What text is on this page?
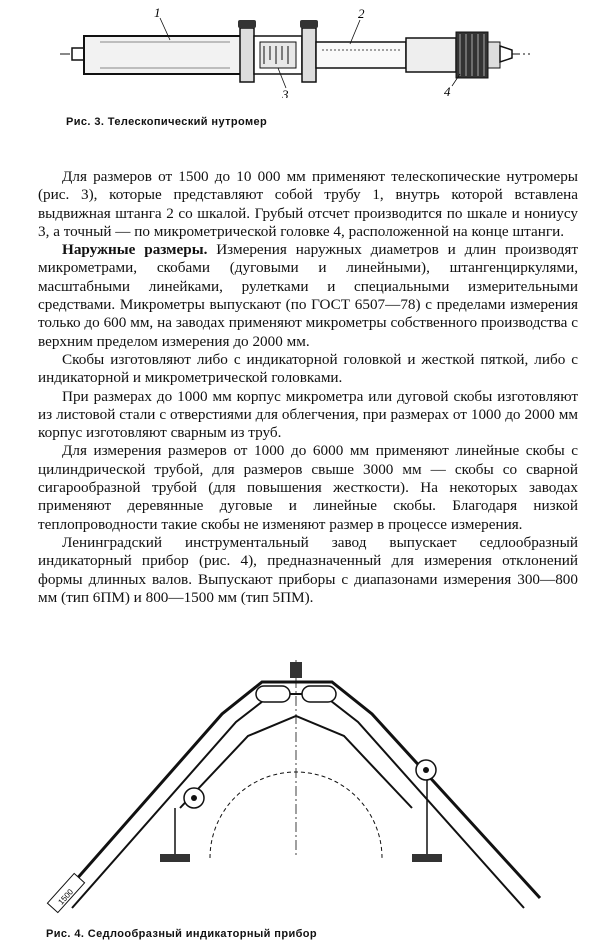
1	2
3	4
Рис. 3. Телескопический нутромер

Для размеров от 1500 до 10 000 мм применяют телескопические нутромеры (рис. 3), которые представляют собой трубу 1, внутрь которой вставлена выдвижная штанга 2 со шкалой. Грубый отсчет производится по шкале и нониусу 3, а точный — по микрометрической головке 4, расположенной на конце штанги.

Наружные размеры. Измерения наружных диаметров и длин производят микрометрами, скобами (дуговыми и линейными), штангенциркулями, масштабными линейками, рулетками и специальными измерительными средствами. Микрометры выпускают (по ГОСТ 6507—78) с пределами измерения только до 600 мм, на заводах применяют микрометры собственного производства с верхним пределом измерения до 2000 мм.

Скобы изготовляют либо с индикаторной головкой и жесткой пяткой, либо с индикаторной и микрометрической головками.

При размерах до 1000 мм корпус микрометра или дуговой скобы изготовляют из листовой стали с отверстиями для облегчения, при размерах от 1000 до 2000 мм корпус изготовляют сварным из труб.

Для измерения размеров от 1000 до 6000 мм применяют линейные скобы с цилиндрической трубой, для размеров свыше 3000 мм — скобы со сварной сигарообразной трубой (для повышения жесткости). На некоторых заводах применяют деревянные дуговые и линейные скобы. Благодаря низкой теплопроводности такие скобы не изменяют размер в процессе измерения.

Ленинградский инструментальный завод выпускает седлообразный индикаторный прибор (рис. 4), предназначенный для измерения отклонений формы длинных валов. Выпускают приборы с диапазонами измерения 300—800 мм (тип 6ПМ) и 800—1500 мм (тип 5ПМ).

1500
Рис. 4. Седлообразный индикаторный прибор
